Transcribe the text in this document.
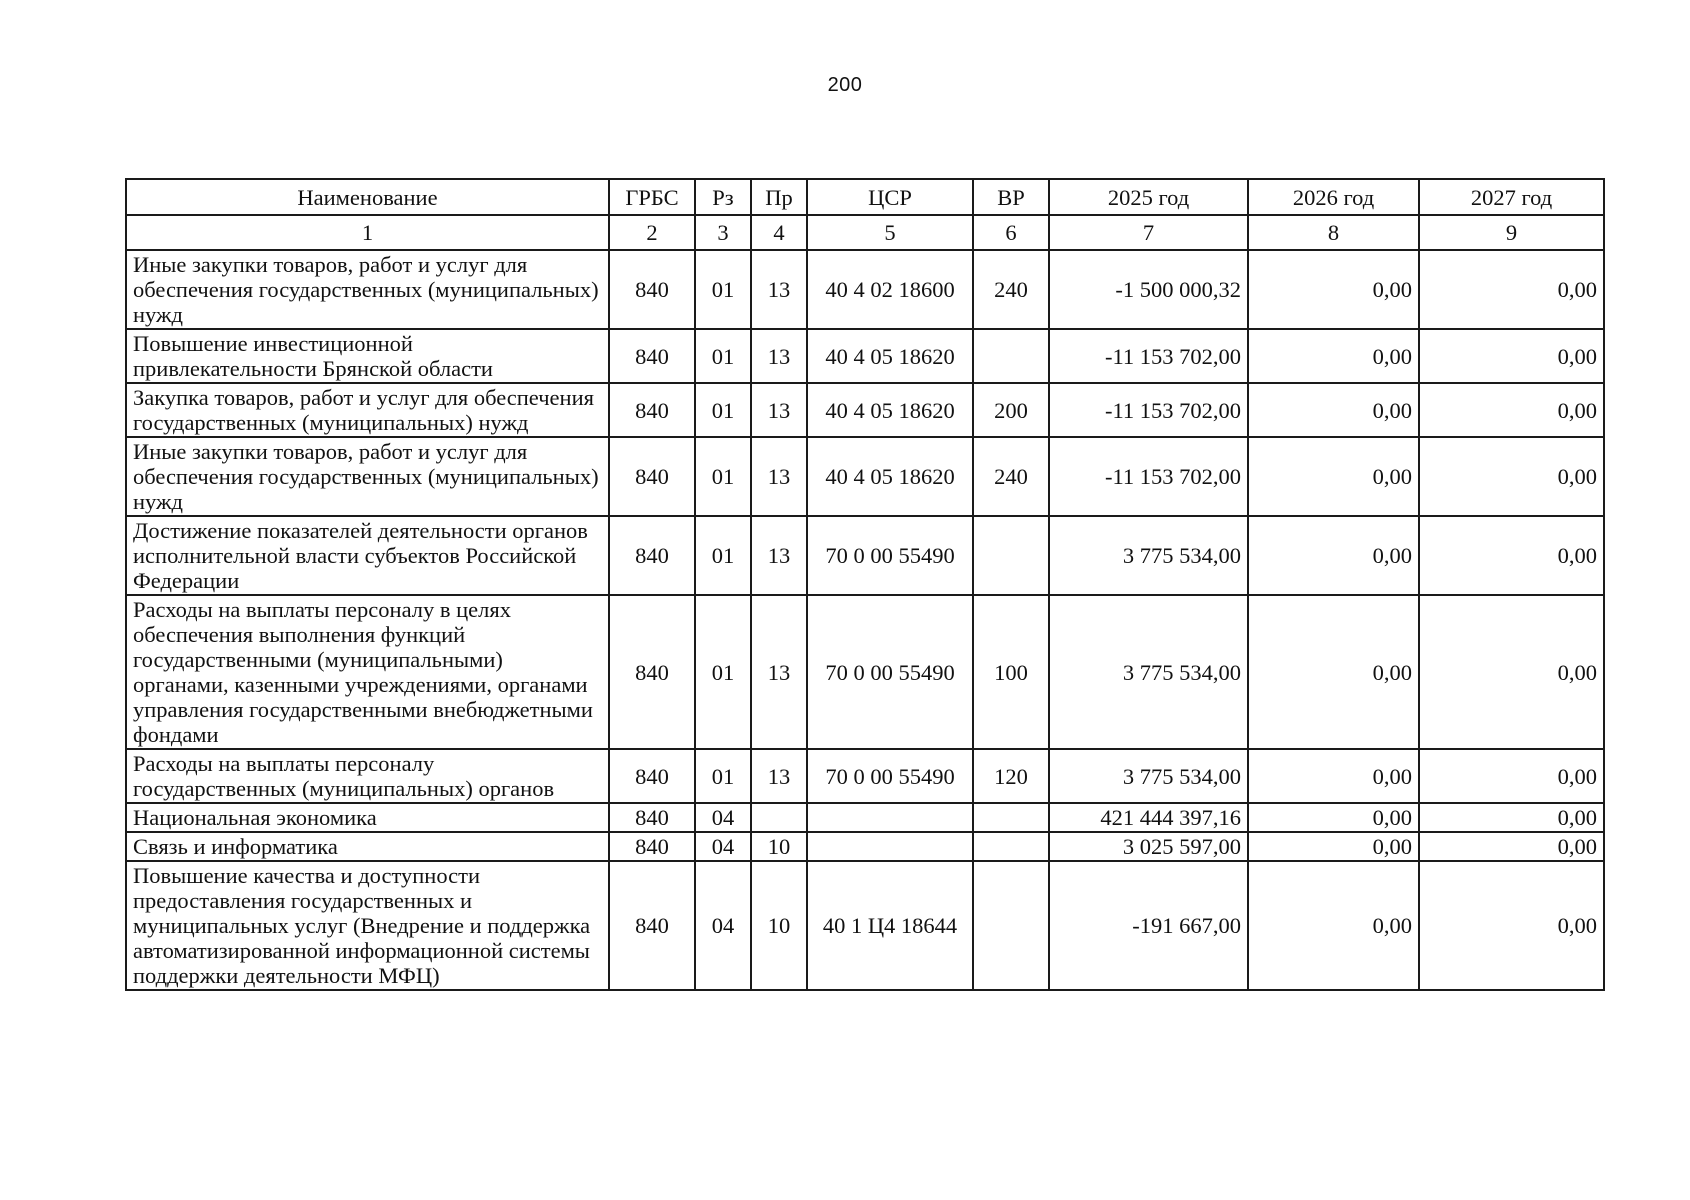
200
Наименование	ГРБС	Рз	Пр	ЦСР	ВР	2025 год	2026 год	2027 год
1	2	3	4	5	6	7	8	9
Иные закупки товаров, работ и услуг для обеспечения государственных (муниципальных) нужд	840	01	13	40 4 02 18600	240	-1 500 000,32	0,00	0,00
Повышение инвестиционной привлекательности Брянской области	840	01	13	40 4 05 18620		-11 153 702,00	0,00	0,00
Закупка товаров, работ и услуг для обеспечения государственных (муниципальных) нужд	840	01	13	40 4 05 18620	200	-11 153 702,00	0,00	0,00
Иные закупки товаров, работ и услуг для обеспечения государственных (муниципальных) нужд	840	01	13	40 4 05 18620	240	-11 153 702,00	0,00	0,00
Достижение показателей деятельности органов исполнительной власти субъектов Российской Федерации	840	01	13	70 0 00 55490		3 775 534,00	0,00	0,00
Расходы на выплаты персоналу в целях обеспечения выполнения функций государственными (муниципальными) органами, казенными учреждениями, органами управления государственными внебюджетными фондами	840	01	13	70 0 00 55490	100	3 775 534,00	0,00	0,00
Расходы на выплаты персоналу государственных (муниципальных) органов	840	01	13	70 0 00 55490	120	3 775 534,00	0,00	0,00
Национальная экономика	840	04				421 444 397,16	0,00	0,00
Связь и информатика	840	04	10			3 025 597,00	0,00	0,00
Повышение качества и доступности предоставления государственных и муниципальных услуг (Внедрение и поддержка автоматизированной информационной системы поддержки деятельности МФЦ)	840	04	10	40 1 Ц4 18644		-191 667,00	0,00	0,00
